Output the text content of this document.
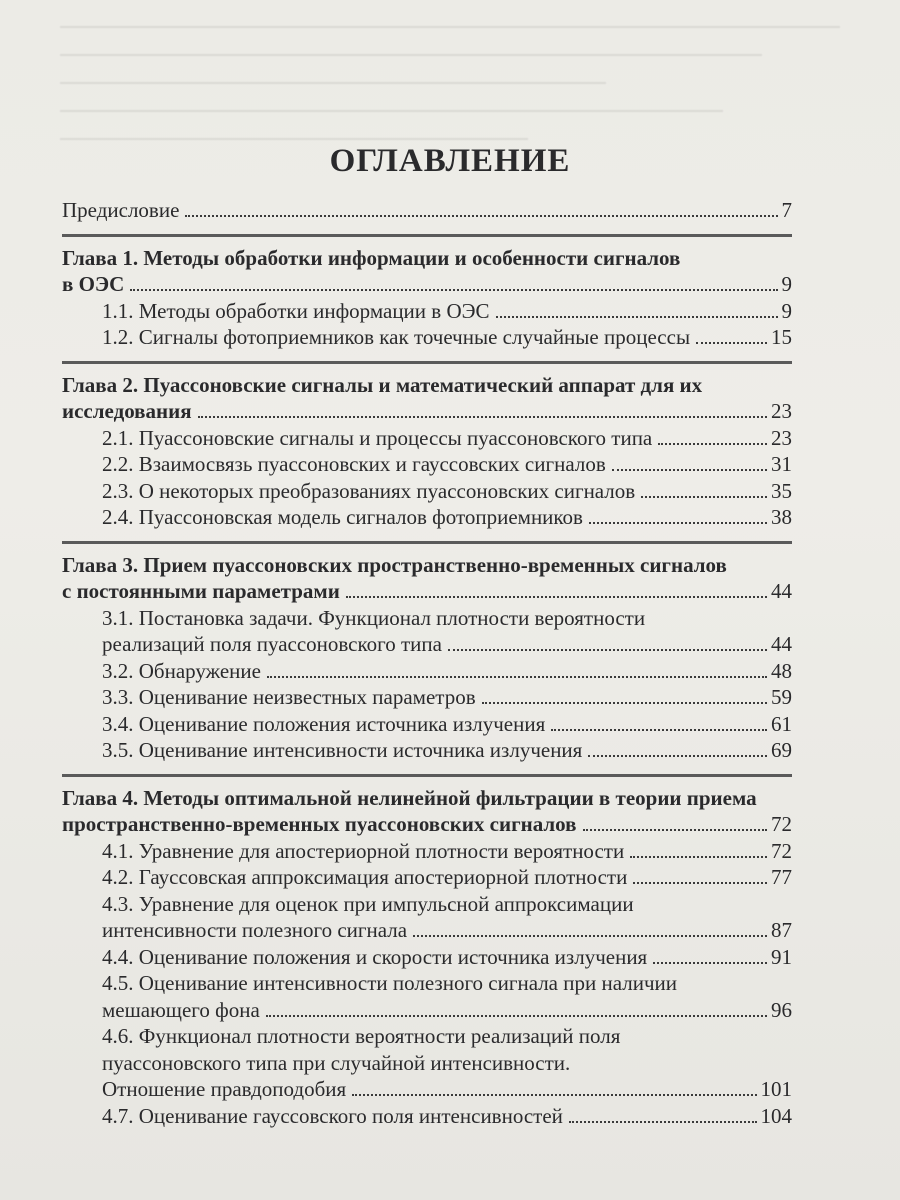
ОГЛАВЛЕНИЕ
Предисловие	7
Глава 1. Методы обработки информации и особенности сигналов
в ОЭС	9
1.1. Методы обработки информации в ОЭС	9
1.2. Сигналы фотоприемников как точечные случайные процессы	15
Глава 2. Пуассоновские сигналы и математический аппарат для их
исследования	23
2.1. Пуассоновские сигналы и процессы пуассоновского типа	23
2.2. Взаимосвязь пуассоновских и гауссовских сигналов	31
2.3. О некоторых преобразованиях пуассоновских сигналов	35
2.4. Пуассоновская модель сигналов фотоприемников	38
Глава 3. Прием пуассоновских пространственно-временных сигналов
с постоянными параметрами	44
3.1. Постановка задачи. Функционал плотности вероятности
реализаций поля пуассоновского типа	44
3.2. Обнаружение	48
3.3. Оценивание неизвестных параметров	59
3.4. Оценивание положения источника излучения	61
3.5. Оценивание интенсивности источника излучения	69
Глава 4. Методы оптимальной нелинейной фильтрации в теории приема
пространственно-временных пуассоновских сигналов	72
4.1. Уравнение для апостериорной плотности вероятности	72
4.2. Гауссовская аппроксимация апостериорной плотности	77
4.3. Уравнение для оценок при импульсной аппроксимации
интенсивности полезного сигнала	87
4.4. Оценивание положения и скорости источника излучения	91
4.5. Оценивание интенсивности полезного сигнала при наличии
мешающего фона	96
4.6. Функционал плотности вероятности реализаций поля
пуассоновского типа при случайной интенсивности.
Отношение правдоподобия	101
4.7. Оценивание гауссовского поля интенсивностей	104
